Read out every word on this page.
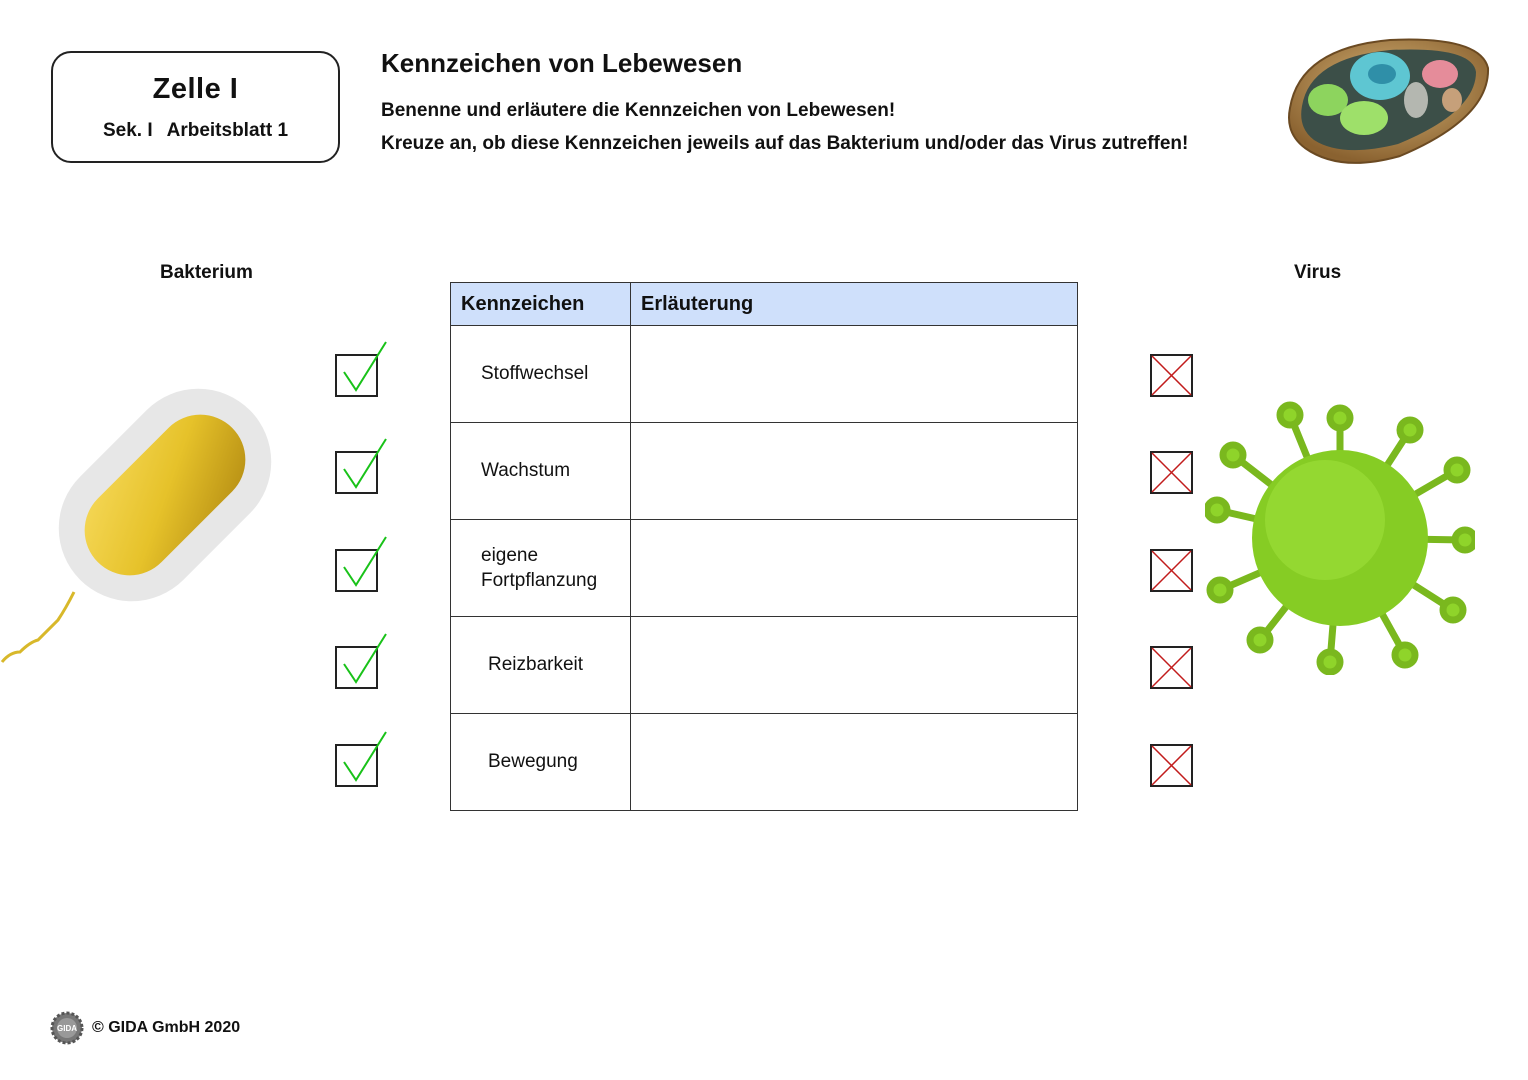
Zelle I
Sek. I Arbeitsblatt 1
Kennzeichen von Lebewesen
Benenne und erläutere die Kennzeichen von Lebewesen!
Kreuze an, ob diese Kennzeichen jeweils auf das Bakterium und/oder das Virus zutreffen!
Bakterium	Virus
Kennzeichen	Erläuterung
Stoffwechsel	
Wachstum	

eigene Fortpflanzung	

Reizbarkeit	
Bewegung	
GIDA © GIDA GmbH 2020
